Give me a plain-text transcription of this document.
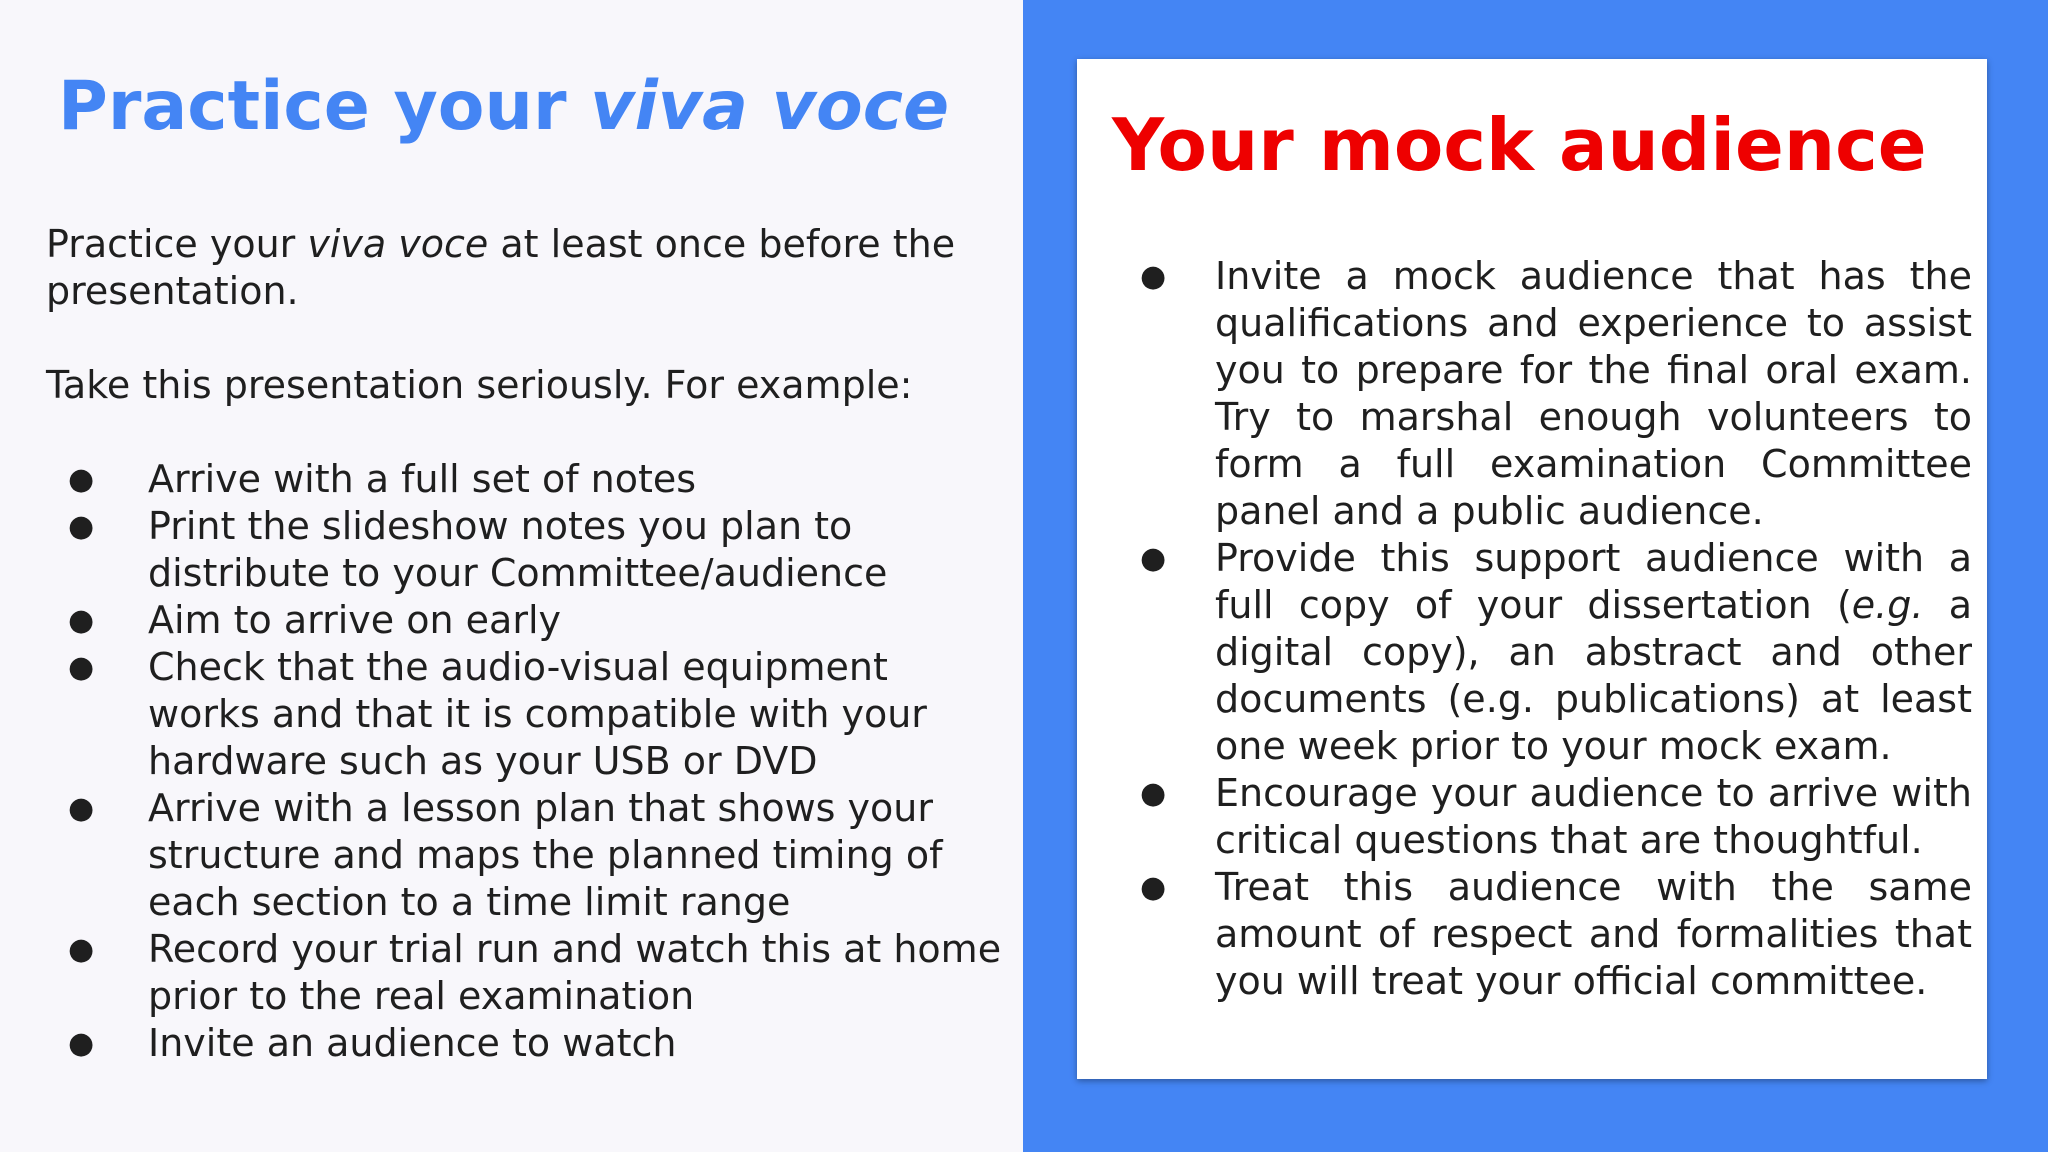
Practice your viva voce

Practice your viva voce at least once before the presentation.

Take this presentation seriously. For example:

● Arrive with a full set of notes
● Print the slideshow notes you plan to distribute to your Committee/audience
● Aim to arrive on early
● Check that the audio-visual equipment works and that it is compatible with your hardware such as your USB or DVD
● Arrive with a lesson plan that shows your structure and maps the planned timing of each section to a time limit range
● Record your trial run and watch this at home prior to the real examination
● Invite an audience to watch
Your mock audience
● Invite a mock audience that has the qualifications and experience to assist you to prepare for the final oral exam. Try to marshal enough volunteers to form a full examination Committee panel and a public audience.
● Provide this support audience with a full copy of your dissertation (e.g. a digital copy), an abstract and other documents (e.g. publications) at least one week prior to your mock exam.
● Encourage your audience to arrive with critical questions that are thoughtful.
● Treat this audience with the same amount of respect and formalities that you will treat your official committee.
